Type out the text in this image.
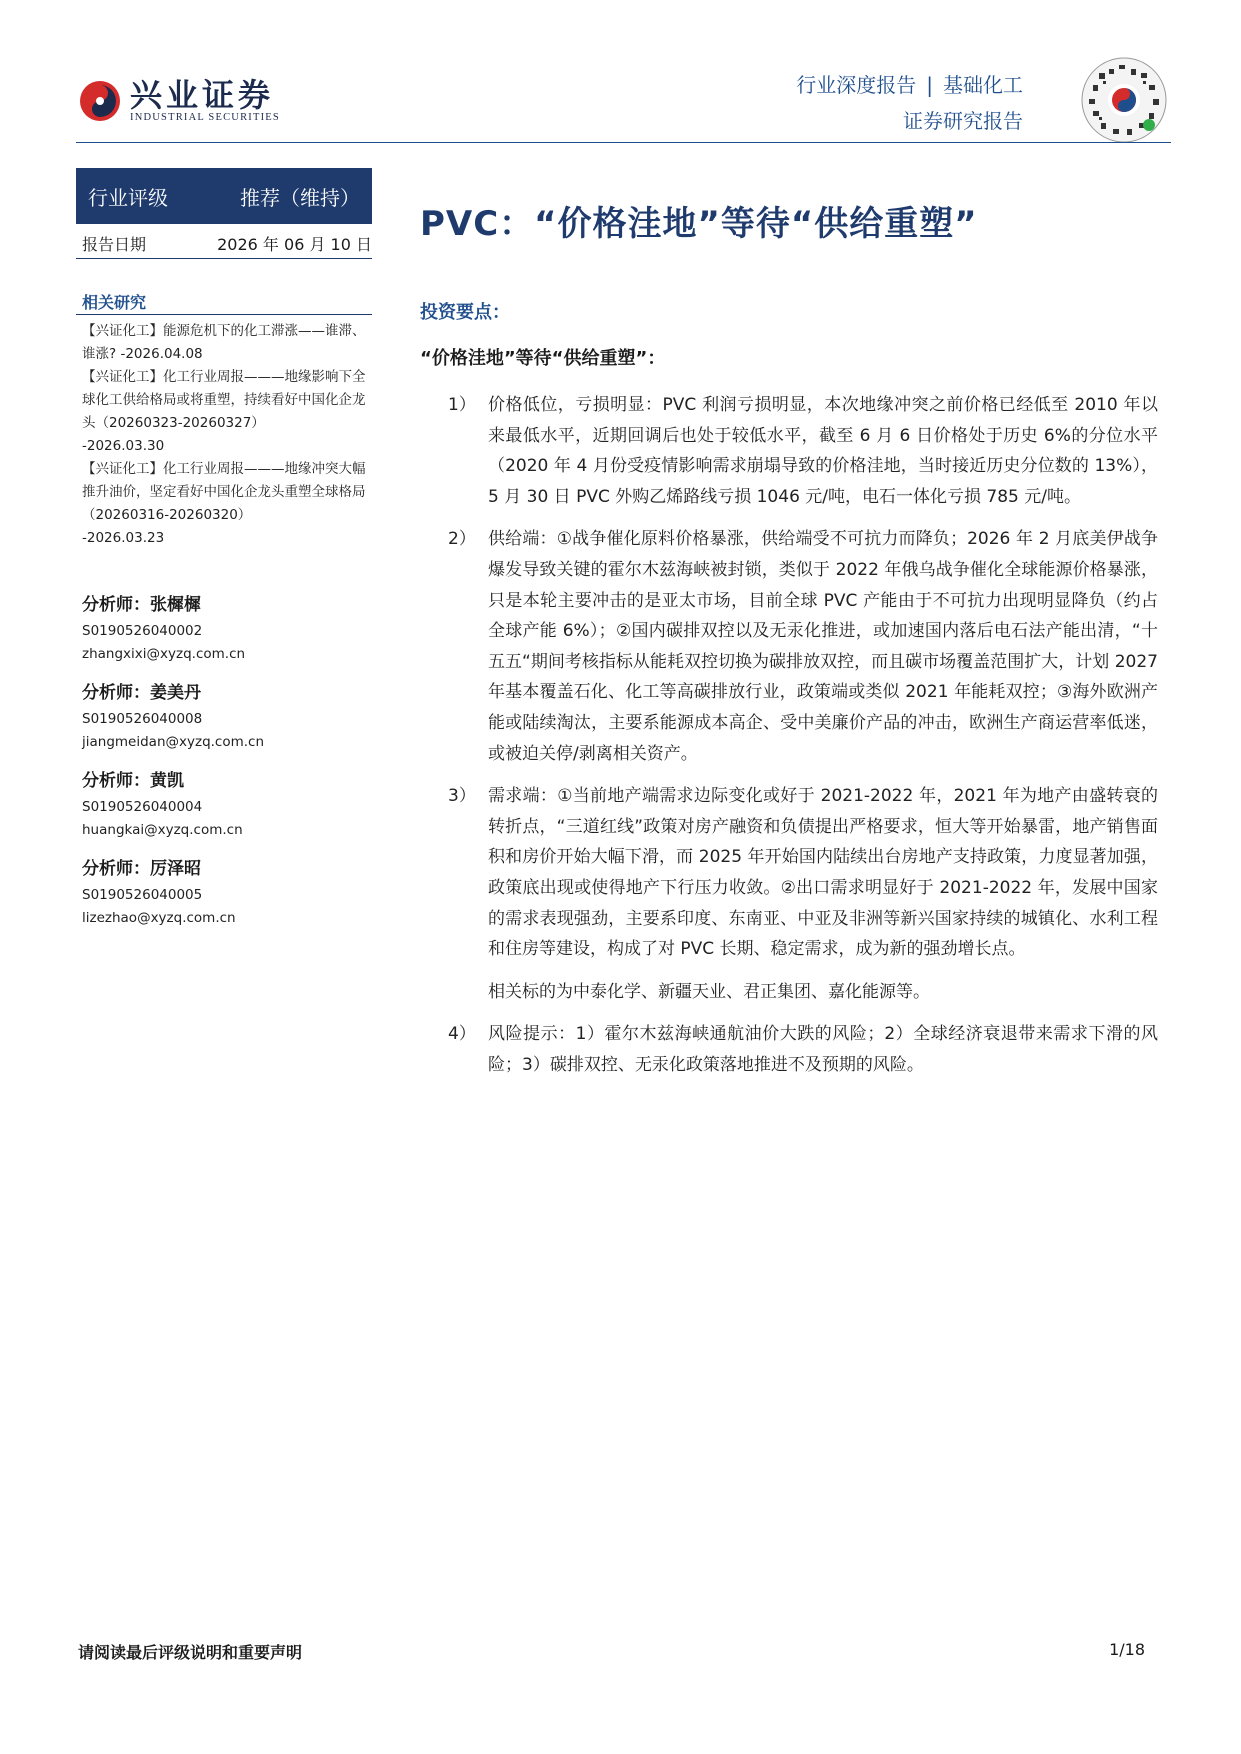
兴业证券
INDUSTRIAL SECURITIES
行业深度报告 | 基础化工
证券研究报告
行业评级	推荐（维持）
报告日期	2026 年 06 月 10 日
相关研究
【兴证化工】能源危机下的化工滞涨——谁滞、谁涨? -2026.04.08
【兴证化工】化工行业周报———地缘影响下全球化工供给格局或将重塑，持续看好中国化企龙头（20260323-20260327）
-2026.03.30
【兴证化工】化工行业周报———地缘冲突大幅推升油价，坚定看好中国化企龙头重塑全球格局（20260316-20260320）
-2026.03.23
分析师：张樨樨
S0190526040002
zhangxixi@xyzq.com.cn
分析师：姜美丹
S0190526040008
jiangmeidan@xyzq.com.cn
分析师：黄凯
S0190526040004
huangkai@xyzq.com.cn
分析师：厉泽昭
S0190526040005
lizezhao@xyzq.com.cn
PVC：“价格洼地”等待“供给重塑”
投资要点：
“价格洼地”等待“供给重塑”：
1） 价格低位，亏损明显：PVC 利润亏损明显，本次地缘冲突之前价格已经低至 2010 年以来最低水平，近期回调后也处于较低水平，截至 6 月 6 日价格处于历史 6%的分位水平（2020 年 4 月份受疫情影响需求崩塌导致的价格洼地，当时接近历史分位数的 13%），5 月 30 日 PVC 外购乙烯路线亏损 1046 元/吨，电石一体化亏损 785 元/吨。
2） 供给端：①战争催化原料价格暴涨，供给端受不可抗力而降负；2026 年 2 月底美伊战争爆发导致关键的霍尔木兹海峡被封锁，类似于 2022 年俄乌战争催化全球能源价格暴涨，只是本轮主要冲击的是亚太市场，目前全球 PVC 产能由于不可抗力出现明显降负（约占全球产能 6%）；②国内碳排双控以及无汞化推进，或加速国内落后电石法产能出清，“十五五“期间考核指标从能耗双控切换为碳排放双控，而且碳市场覆盖范围扩大，计划 2027 年基本覆盖石化、化工等高碳排放行业，政策端或类似 2021 年能耗双控；③海外欧洲产能或陆续淘汰，主要系能源成本高企、受中美廉价产品的冲击，欧洲生产商运营率低迷，或被迫关停/剥离相关资产。
3） 需求端：①当前地产端需求边际变化或好于 2021-2022 年，2021 年为地产由盛转衰的转折点，“三道红线”政策对房产融资和负债提出严格要求，恒大等开始暴雷，地产销售面积和房价开始大幅下滑，而 2025 年开始国内陆续出台房地产支持政策，力度显著加强，政策底出现或使得地产下行压力收敛。②出口需求明显好于 2021-2022 年，发展中国家的需求表现强劲，主要系印度、东南亚、中亚及非洲等新兴国家持续的城镇化、水利工程和住房等建设，构成了对 PVC 长期、稳定需求，成为新的强劲增长点。
相关标的为中泰化学、新疆天业、君正集团、嘉化能源等。
4） 风险提示：1）霍尔木兹海峡通航油价大跌的风险；2）全球经济衰退带来需求下滑的风险；3）碳排双控、无汞化政策落地推进不及预期的风险。
请阅读最后评级说明和重要声明	1/18
